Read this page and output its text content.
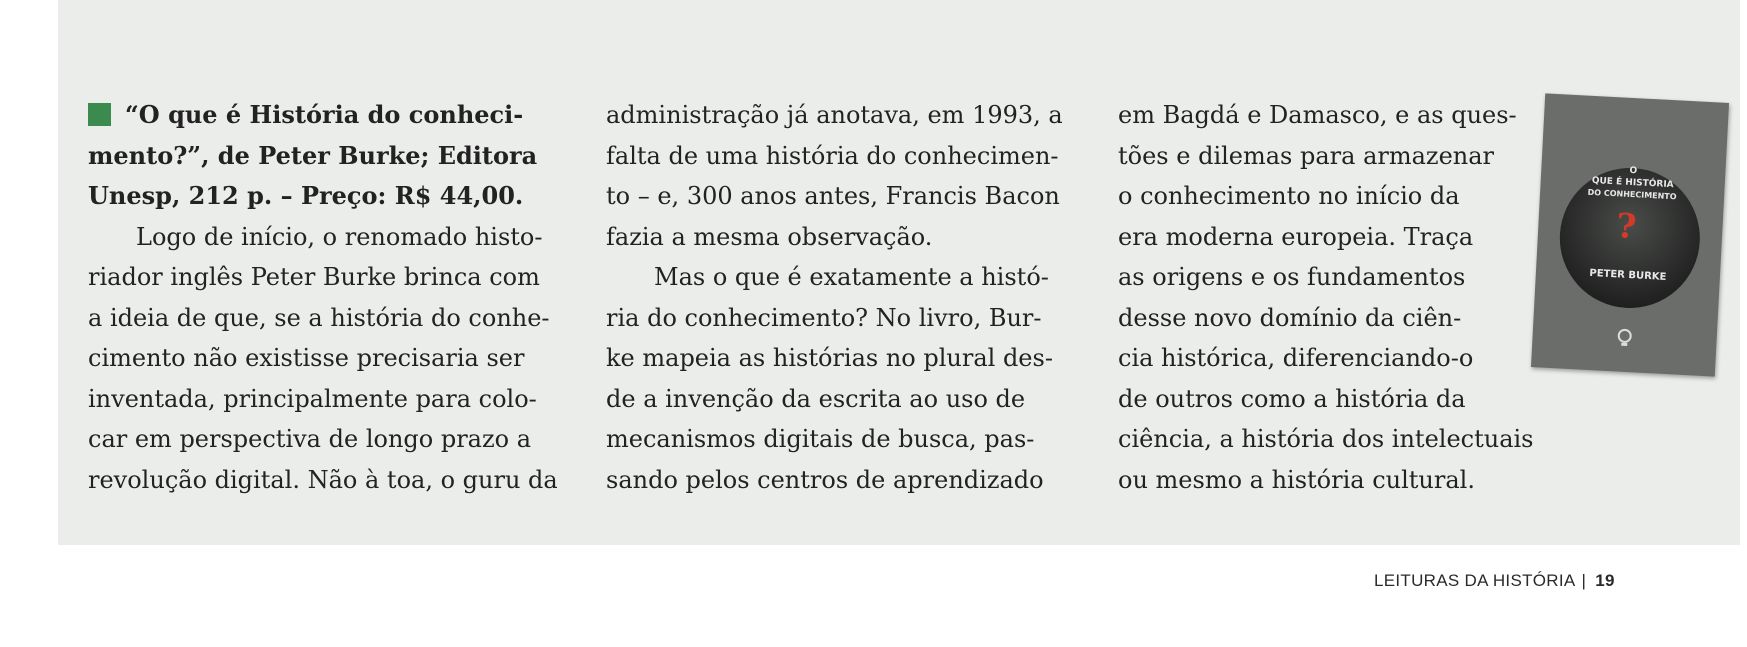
“O que é História do conheci-
mento?”, de Peter Burke; Editora
Unesp, 212 p. – Preço: R$ 44,00.
Logo de início, o renomado histo-
riador inglês Peter Burke brinca com
a ideia de que, se a história do conhe-
cimento não existisse precisaria ser
inventada, principalmente para colo-
car em perspectiva de longo prazo a
revolução digital. Não à toa, o guru da
administração já anotava, em 1993, a
falta de uma história do conhecimen-
to – e, 300 anos antes, Francis Bacon
fazia a mesma observação.
Mas o que é exatamente a histó-
ria do conhecimento? No livro, Bur-
ke mapeia as histórias no plural des-
de a invenção da escrita ao uso de
mecanismos digitais de busca, pas-
sando pelos centros de aprendizado
em Bagdá e Damasco, e as ques-
tões e dilemas para armazenar
o conhecimento no início da
era moderna europeia. Traça
as origens e os fundamentos
desse novo domínio da ciên-
cia histórica, diferenciando-o
de outros como a história da
ciência, a história dos intelectuais
ou mesmo a história cultural.
O
QUE É HISTÓRIA
DO CONHECIMENTO
?
PETER BURKE
LEITURAS DA HISTÓRIA | 19
